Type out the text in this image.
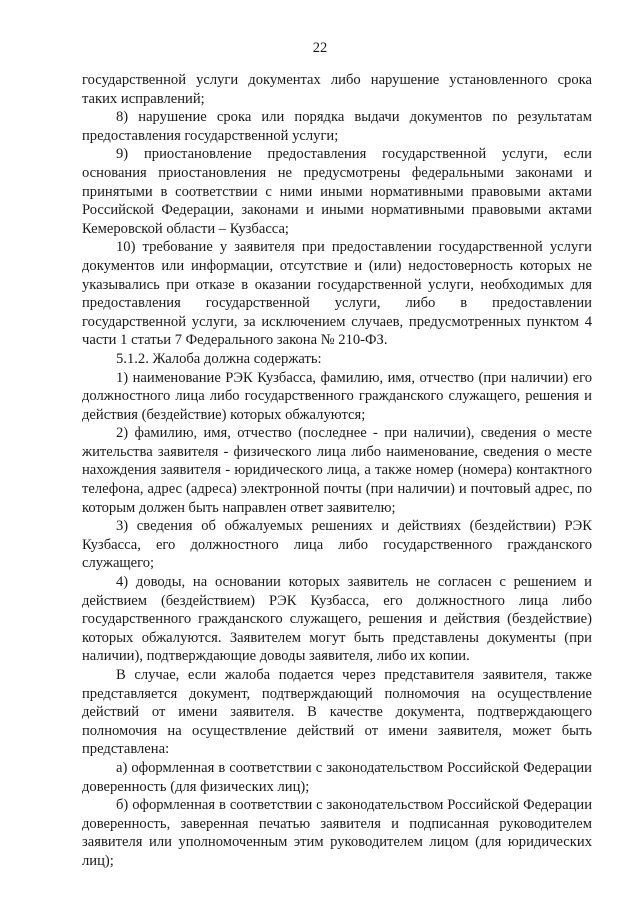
22

государственной услуги документах либо нарушение установленного срока таких исправлений;

8) нарушение срока или порядка выдачи документов по результатам предоставления государственной услуги;

9) приостановление предоставления государственной услуги, если основания приостановления не предусмотрены федеральными законами и принятыми в соответствии с ними иными нормативными правовыми актами Российской Федерации, законами и иными нормативными правовыми актами Кемеровской области – Кузбасса;

10) требование у заявителя при предоставлении государственной услуги документов или информации, отсутствие и (или) недостоверность которых не указывались при отказе в оказании государственной услуги, необходимых для предоставления государственной услуги, либо в предоставлении государственной услуги, за исключением случаев, предусмотренных пунктом 4 части 1 статьи 7 Федерального закона № 210-ФЗ.

5.1.2. Жалоба должна содержать:

1) наименование РЭК Кузбасса, фамилию, имя, отчество (при наличии) его должностного лица либо государственного гражданского служащего, решения и действия (бездействие) которых обжалуются;

2) фамилию, имя, отчество (последнее - при наличии), сведения о месте жительства заявителя - физического лица либо наименование, сведения о месте нахождения заявителя - юридического лица, а также номер (номера) контактного телефона, адрес (адреса) электронной почты (при наличии) и почтовый адрес, по которым должен быть направлен ответ заявителю;

3) сведения об обжалуемых решениях и действиях (бездействии) РЭК Кузбасса, его должностного лица либо государственного гражданского служащего;

4) доводы, на основании которых заявитель не согласен с решением и действием (бездействием) РЭК Кузбасса, его должностного лица либо государственного гражданского служащего, решения и действия (бездействие) которых обжалуются. Заявителем могут быть представлены документы (при наличии), подтверждающие доводы заявителя, либо их копии.

В случае, если жалоба подается через представителя заявителя, также представляется документ, подтверждающий полномочия на осуществление действий от имени заявителя. В качестве документа, подтверждающего полномочия на осуществление действий от имени заявителя, может быть представлена:

а) оформленная в соответствии с законодательством Российской Федерации доверенность (для физических лиц);

б) оформленная в соответствии с законодательством Российской Федерации доверенность, заверенная печатью заявителя и подписанная руководителем заявителя или уполномоченным этим руководителем лицом (для юридических лиц);
